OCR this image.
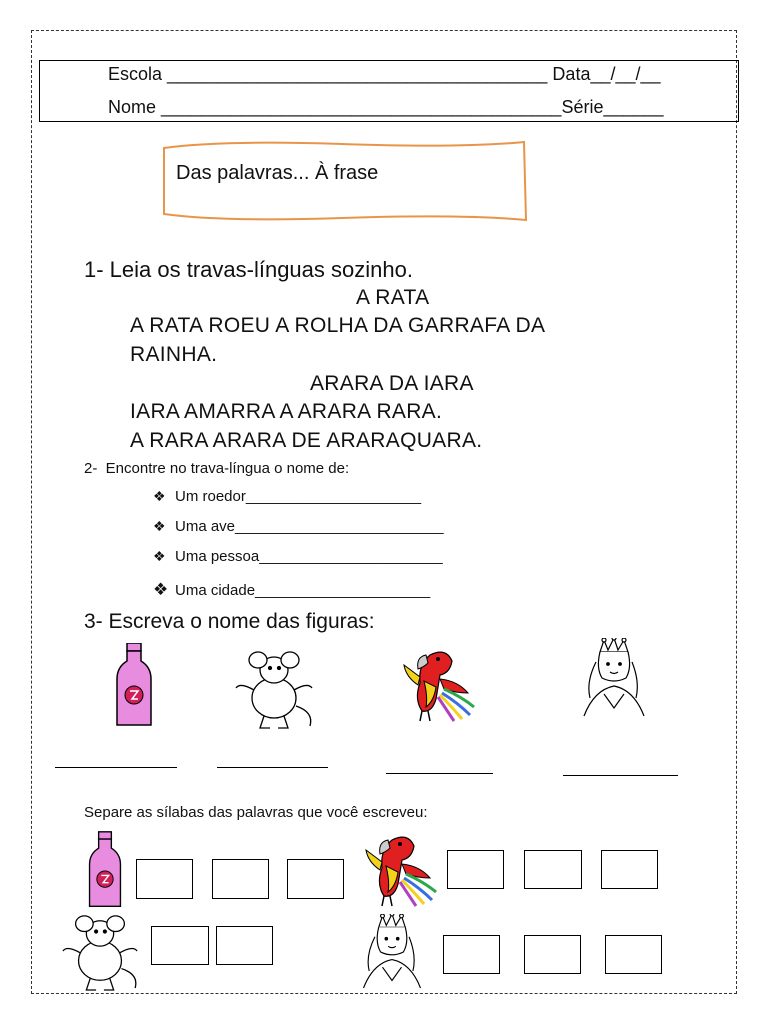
Escola ______________________________________ Data__/__/__
Nome ________________________________________Série______
Das palavras... À frase
1- Leia os travas-línguas sozinho.
A RATA
A RATA ROEU A ROLHA DA GARRAFA DA
RAINHA.
ARARA DA IARA
IARA AMARRA A ARARA RARA.
A RARA ARARA DE ARARAQUARA.
2-  Encontre no trava-língua o nome de:
❖ Um roedor_____________________
❖ Uma ave_________________________
❖ Uma pessoa______________________
❖ Uma cidade_____________________
3- Escreva o nome das figuras:
Separe as sílabas das palavras que você escreveu:
